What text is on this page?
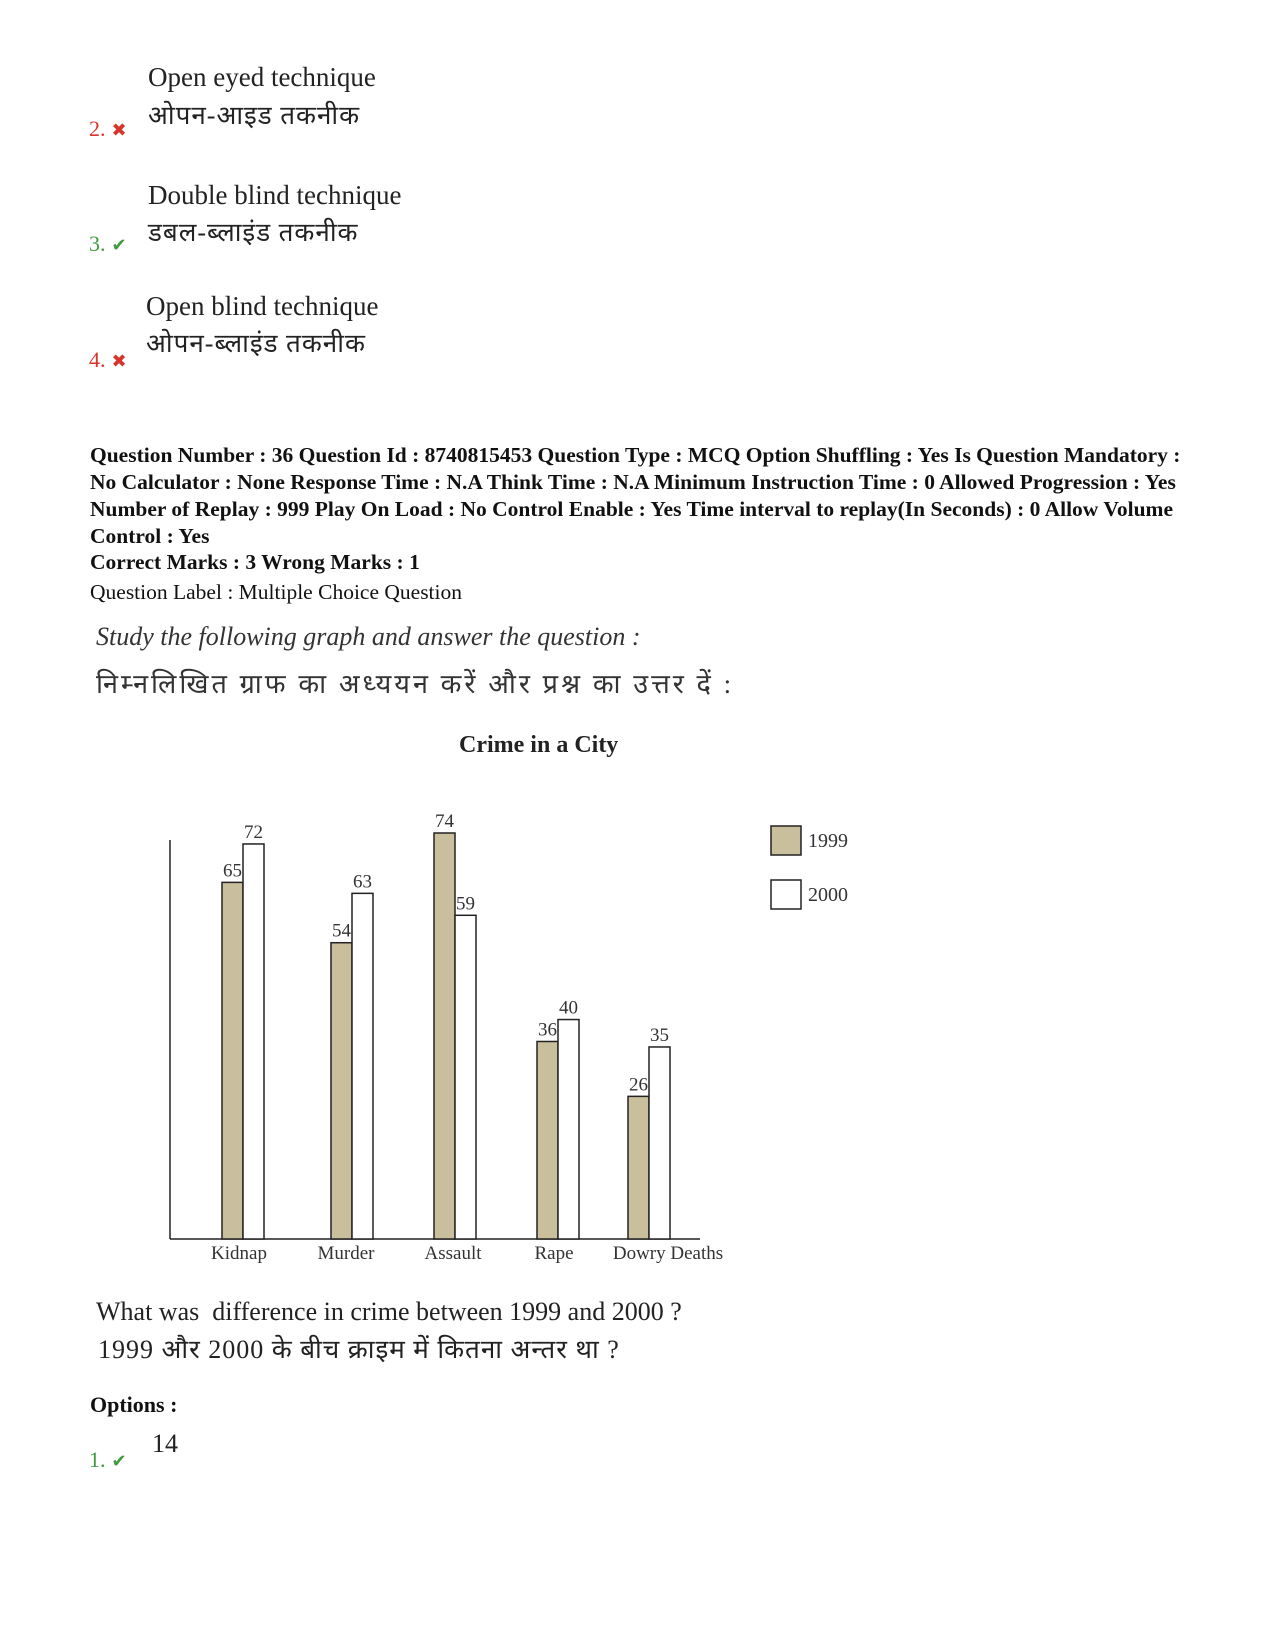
Open eyed technique
ओपन-आइड तकनीक
2. ✖
Double blind technique
डबल-ब्लाइंड तकनीक
3. ✔
Open blind technique
ओपन-ब्लाइंड तकनीक
4. ✖
Question Number : 36 Question Id : 8740815453 Question Type : MCQ Option Shuffling : Yes Is Question Mandatory : No Calculator : None Response Time : N.A Think Time : N.A Minimum Instruction Time : 0 Allowed Progression : Yes Number of Replay : 999 Play On Load : No Control Enable : Yes Time interval to replay(In Seconds) : 0 Allow Volume Control : Yes
Correct Marks : 3 Wrong Marks : 1
Question Label : Multiple Choice Question
Study the following graph and answer the question :
निम्नलिखित ग्राफ का अध्ययन करें और प्रश्न का उत्तर दें :
Crime in a City
65
72
Kidnap
54
63
Murder
74
59
Assault
36
40
Rape
26
35
Dowry Deaths
1999
2000
What was  difference in crime between 1999 and 2000 ?
1999 और 2000 के बीच क्राइम में कितना अन्तर था ?
Options :
14
1. ✔
